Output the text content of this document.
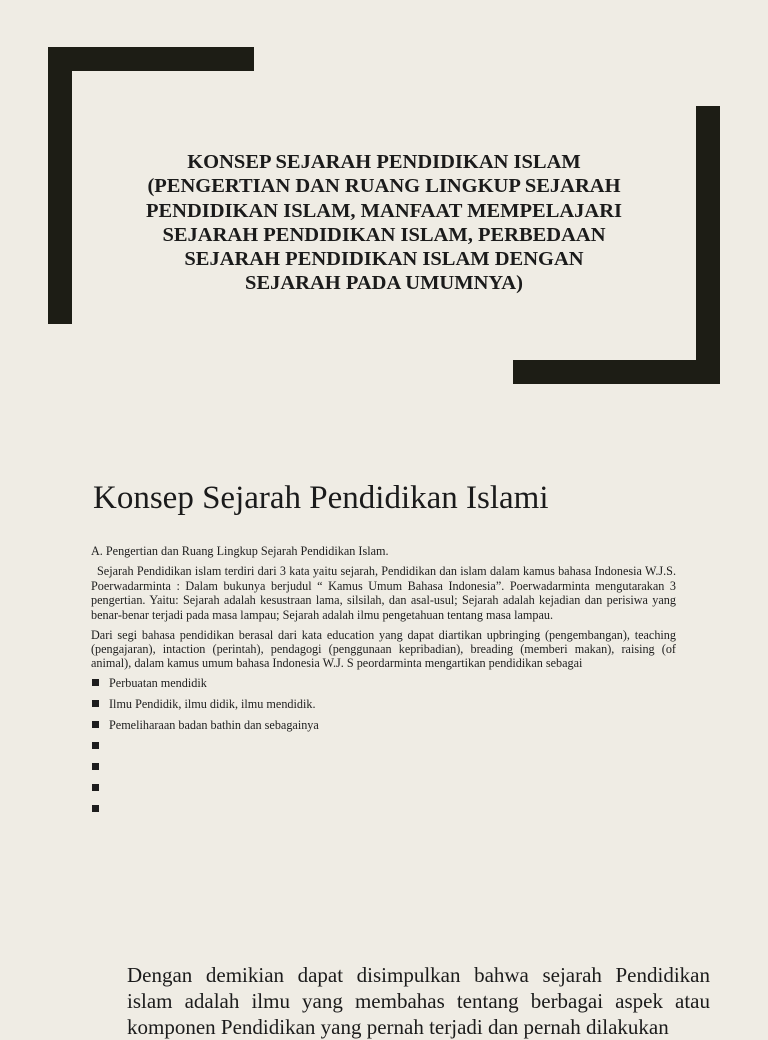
KONSEP SEJARAH PENDIDIKAN ISLAM
(PENGERTIAN DAN RUANG LINGKUP SEJARAH
PENDIDIKAN ISLAM, MANFAAT MEMPELAJARI
SEJARAH PENDIDIKAN ISLAM, PERBEDAAN
SEJARAH PENDIDIKAN ISLAM DENGAN
SEJARAH PADA UMUMNYA)
Konsep Sejarah Pendidikan Islami

A. Pengertian dan Ruang Lingkup Sejarah Pendidikan Islam.

Sejarah Pendidikan islam terdiri dari 3 kata yaitu sejarah, Pendidikan dan islam dalam kamus bahasa Indonesia W.J.S. Poerwadarminta : Dalam bukunya berjudul “ Kamus Umum Bahasa Indonesia”. Poerwadarminta mengutarakan 3 pengertian. Yaitu: Sejarah adalah kesustraan lama, silsilah, dan asal-usul; Sejarah adalah kejadian dan perisiwa yang benar-benar terjadi pada masa lampau; Sejarah adalah ilmu pengetahuan tentang masa lampau.

Dari segi bahasa pendidikan berasal dari kata education yang dapat diartikan upbringing (pengembangan), teaching (pengajaran), intaction (perintah), pendagogi (penggunaan kepribadian), breading (memberi makan), raising (of animal), dalam kamus umum bahasa Indonesia W.J. S peordarminta mengartikan pendidikan sebagai

Perbuatan mendidik
Ilmu Pendidik, ilmu didik, ilmu mendidik.
Pemeliharaan badan bathin dan sebagainya
Dengan demikian dapat disimpulkan bahwa sejarah Pendidikan islam adalah ilmu yang membahas tentang berbagai aspek atau komponen Pendidikan yang pernah terjadi dan pernah dilakukan
